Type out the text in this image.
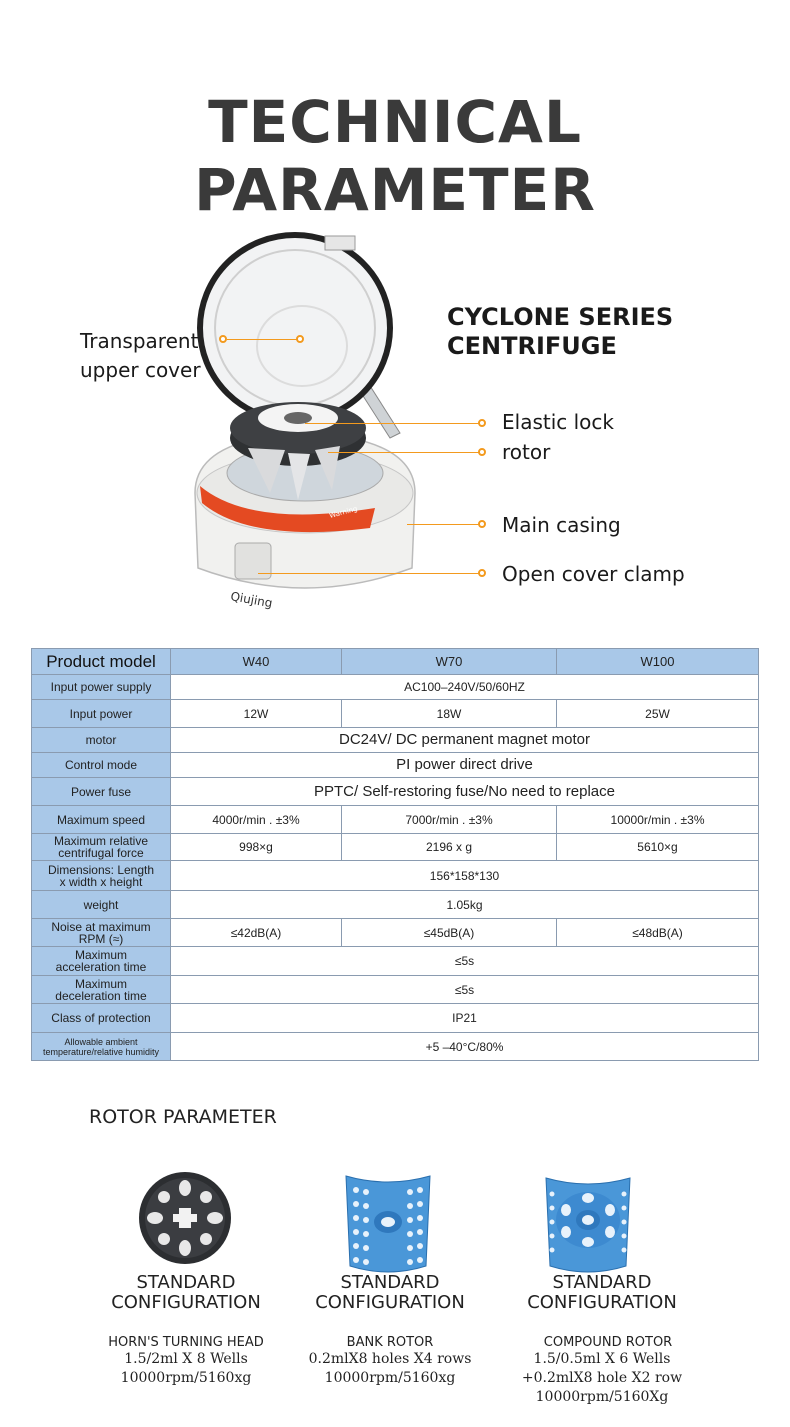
TECHNICAL PARAMETER
Warning
Qiujing
CYCLONE SERIES
CENTRIFUGE
Transparent
upper cover
Elastic lock
rotor
Main casing
Open cover clamp
Product model	W40	W70	W100
Input power supply	AC100–240V/50/60HZ		
Input power	12W	18W	25W
motor	DC24V/ DC permanent magnet motor		
Control mode	PI power direct drive		
Power fuse	PPTC/ Self-restoring fuse/No need to replace		
Maximum speed	4000r/min . ±3%	7000r/min . ±3%	10000r/min . ±3%

Maximum relative
centrifugal force	998×g	2196 x g	5610×g

Dimensions: Length
x width x height	156*158*130		
weight	1.05kg		

Noise at maximum
RPM (≈)	≤42dB(A)	≤45dB(A)	≤48dB(A)

Maximum
acceleration time	≤5s		

Maximum
deceleration time	≤5s		
Class of protection	IP21		

Allowable ambient
temperature/relative humidity	+5 –40°C/80%		
ROTOR PARAMETER
STANDARD
CONFIGURATION
HORN'S TURNING HEAD
1.5/2ml X 8 Wells
10000rpm/5160xg
STANDARD
CONFIGURATION
BANK ROTOR
0.2mlX8 holes X4 rows
10000rpm/5160xg
STANDARD
CONFIGURATION
COMPOUND ROTOR
1.5/0.5ml X 6 Wells
+0.2mlX8 hole X2 row
10000rpm/5160Xg
